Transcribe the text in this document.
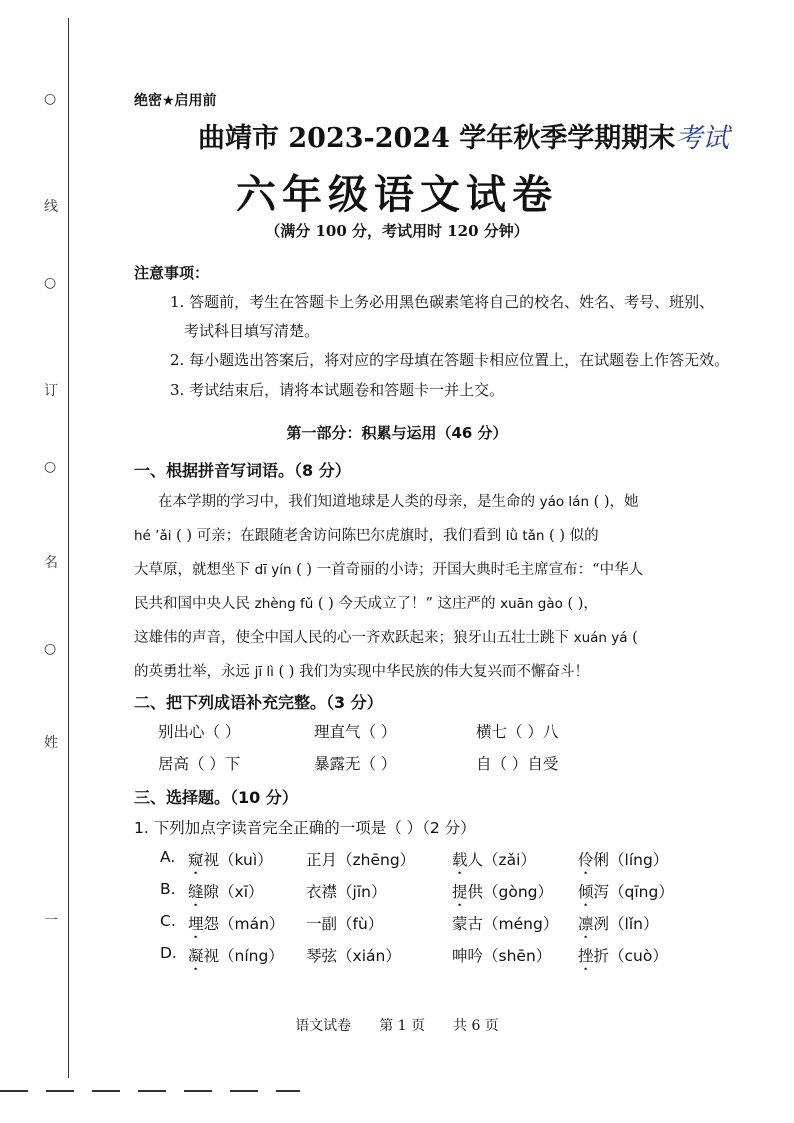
○
线
○
订
○
名
○
姓
一
绝密★启用前
曲靖市 2023-2024 学年秋季学期期末考试
六年级语文试卷
（满分 100 分，考试用时 120 分钟）
注意事项：
1. 答题前，考生在答题卡上务必用黑色碳素笔将自己的校名、姓名、考号、班别、
考试科目填写清楚。
2. 每小题选出答案后，将对应的字母填在答题卡相应位置上，在试题卷上作答无效。
3. 考试结束后，请将本试题卷和答题卡一并上交。
第一部分：积累与运用（46 分）
一、根据拼音写词语。（8 分）
在本学期的学习中，我们知道地球是人类的母亲，是生命的 yáo lán ( )，她
hé ’ǎi ( ) 可亲；在跟随老舍访问陈巴尔虎旗时，我们看到 lǜ tǎn ( ) 似的
大草原，就想坐下 dī yín ( ) 一首奇丽的小诗；开国大典时毛主席宣布：“中华人
民共和国中央人民 zhèng fǔ ( ) 今天成立了！” 这庄严的 xuān gào ( )，
这雄伟的声音，使全中国人民的心一齐欢跃起来；狼牙山五壮士跳下 xuán yá (
的英勇壮举，永远 jī lì ( ) 我们为实现中华民族的伟大复兴而不懈奋斗！
二、把下列成语补充完整。（3 分）
别出心（ ）	理直气（ ）	横七（ ）八
居高（ ）下	暴露无（ ）	自（ ）自受
三、选择题。（10 分）
1. 下列加点字读音完全正确的一项是（ ）（2 分）
A. 窥视（kuì） 正月（zhēng） 载人（zǎi）	伶俐（líng）
B. 缝隙（xī）	衣襟（jīn）	提供（gòng） 倾泻（qīng）
C. 埋怨（mán） 一副（fù）	蒙古（méng） 凛冽（lǐn）
D. 凝视（níng） 琴弦（xián）	呻吟（shēn） 挫折（cuò）
语文试卷 第 1 页 共 6 页
